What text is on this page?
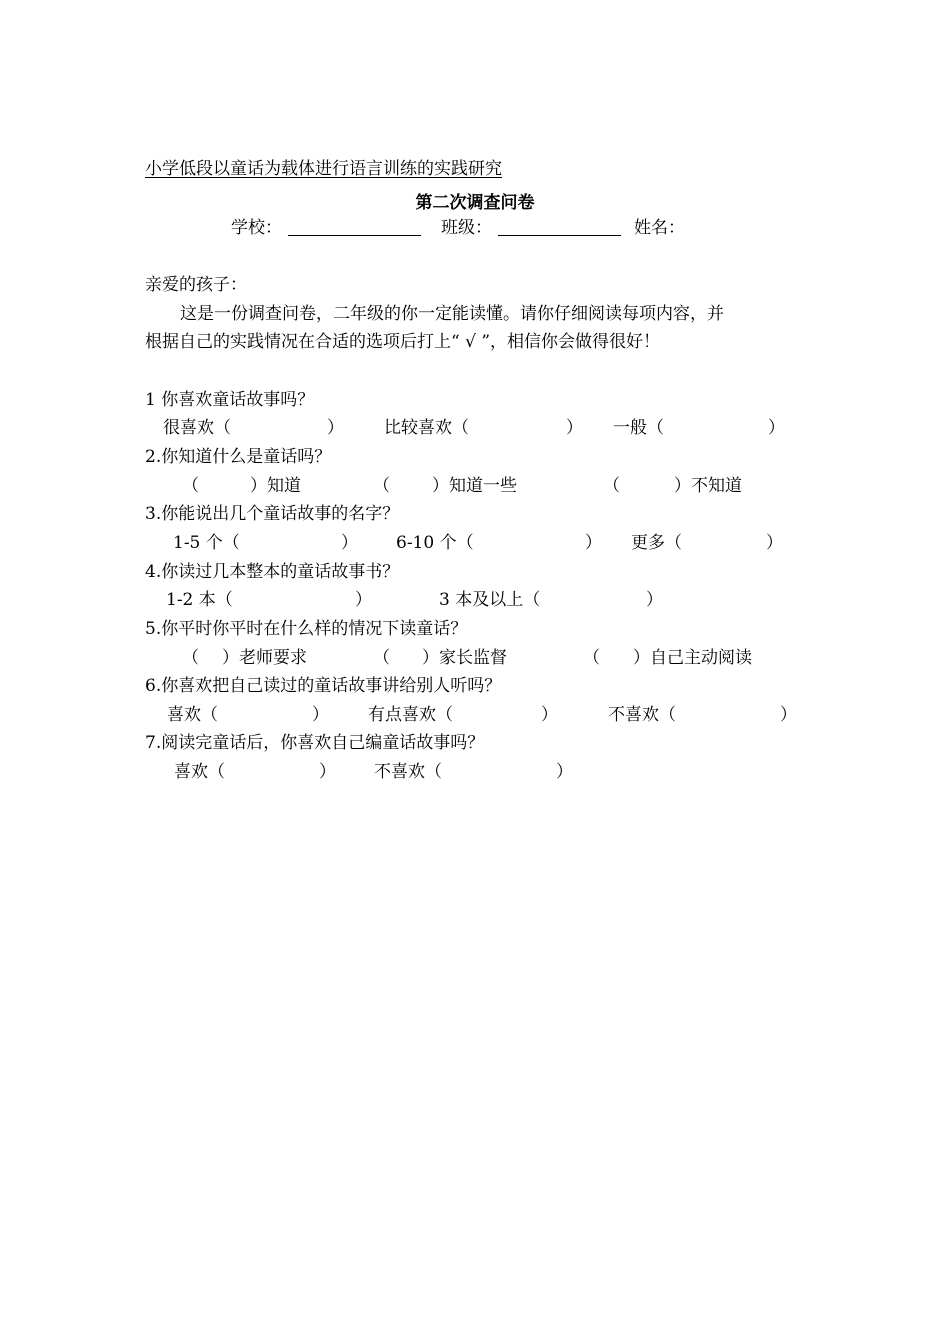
小学低段以童话为载体进行语言训练的实践研究
第二次调查问卷
学校：	班级：	姓名：
亲爱的孩子：
这是一份调查问卷，二年级的你一定能读懂。请你仔细阅读每项内容，并
根据自己的实践情况在合适的选项后打上“ √ ”，相信你会做得很好！
1 你喜欢童话故事吗？
很喜欢（	） 比较喜欢（	） 一般（	）
2.你知道什么是童话吗？
（	）知道	（ ）知道一些	（	）不知道
3.你能说出几个童话故事的名字？
1-5 个（	） 6-10 个（	） 更多（	）
4.你读过几本整本的童话故事书？
1-2 本（	）	3 本及以上（	）
5.你平时你平时在什么样的情况下读童话？
（ ）老师要求	（ ）家长监督	（ ）自己主动阅读
6.你喜欢把自己读过的童话故事讲给别人听吗？
喜欢（	） 有点喜欢（	）	不喜欢（	）
7.阅读完童话后，你喜欢自己编童话故事吗？
喜欢（	） 不喜欢（	）
